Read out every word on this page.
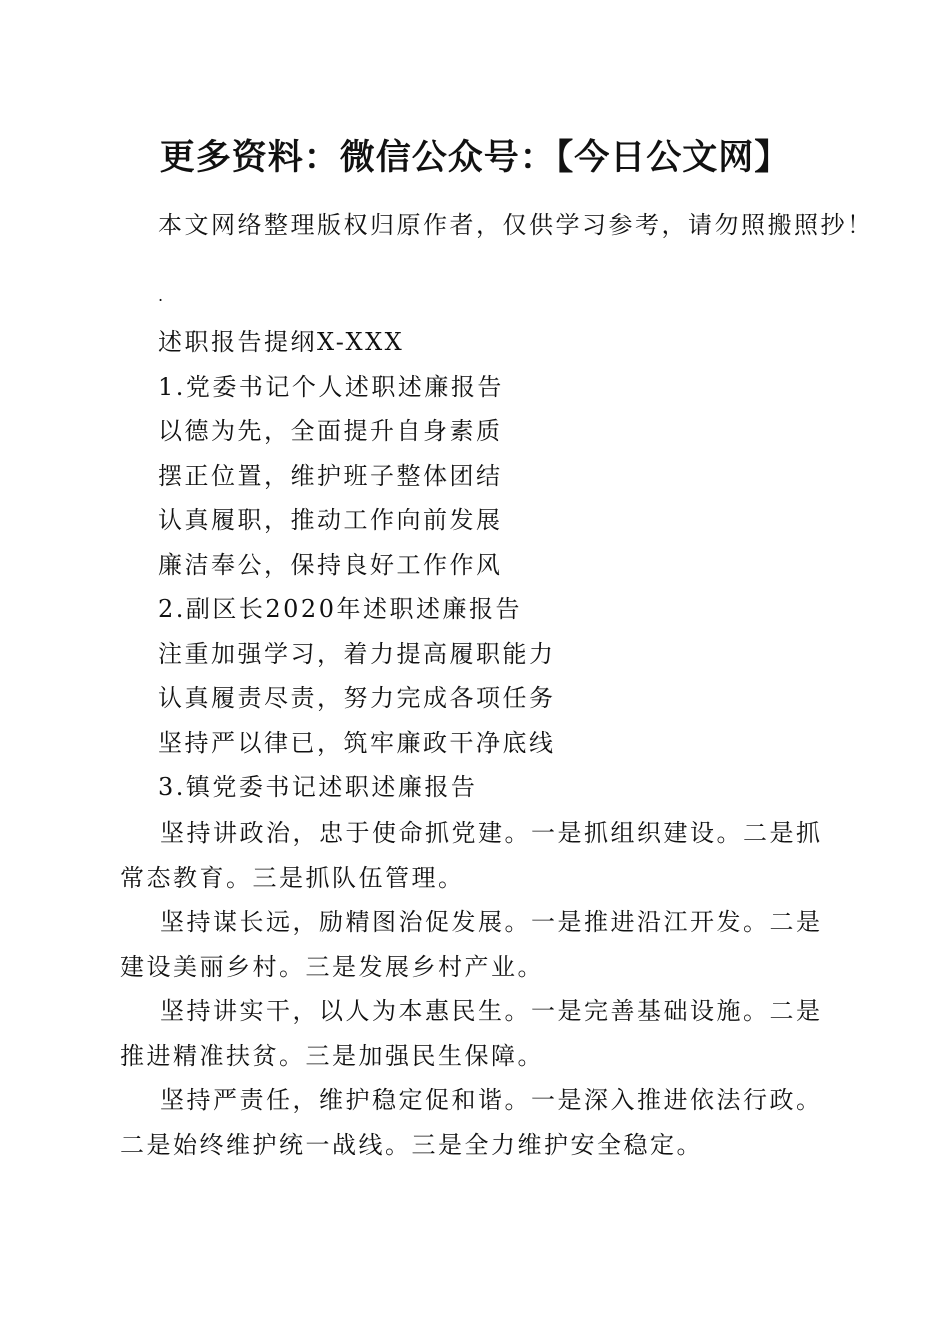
更多资料：微信公众号：【今日公文网】

本文网络整理版权归原作者，仅供学习参考，请勿照搬照抄！

.

述职报告提纲X-XXX

1.党委书记个人述职述廉报告

以德为先，全面提升自身素质

摆正位置，维护班子整体团结

认真履职，推动工作向前发展

廉洁奉公，保持良好工作作风

2.副区长2020年述职述廉报告

注重加强学习，着力提高履职能力

认真履责尽责，努力完成各项任务

坚持严以律已，筑牢廉政干净底线

3.镇党委书记述职述廉报告

坚持讲政治，忠于使命抓党建。一是抓组织建设。二是抓常态教育。三是抓队伍管理。

坚持谋长远，励精图治促发展。一是推进沿江开发。二是建设美丽乡村。三是发展乡村产业。

坚持讲实干，以人为本惠民生。一是完善基础设施。二是推进精准扶贫。三是加强民生保障。

坚持严责任，维护稳定促和谐。一是深入推进依法行政。二是始终维护统一战线。三是全力维护安全稳定。
